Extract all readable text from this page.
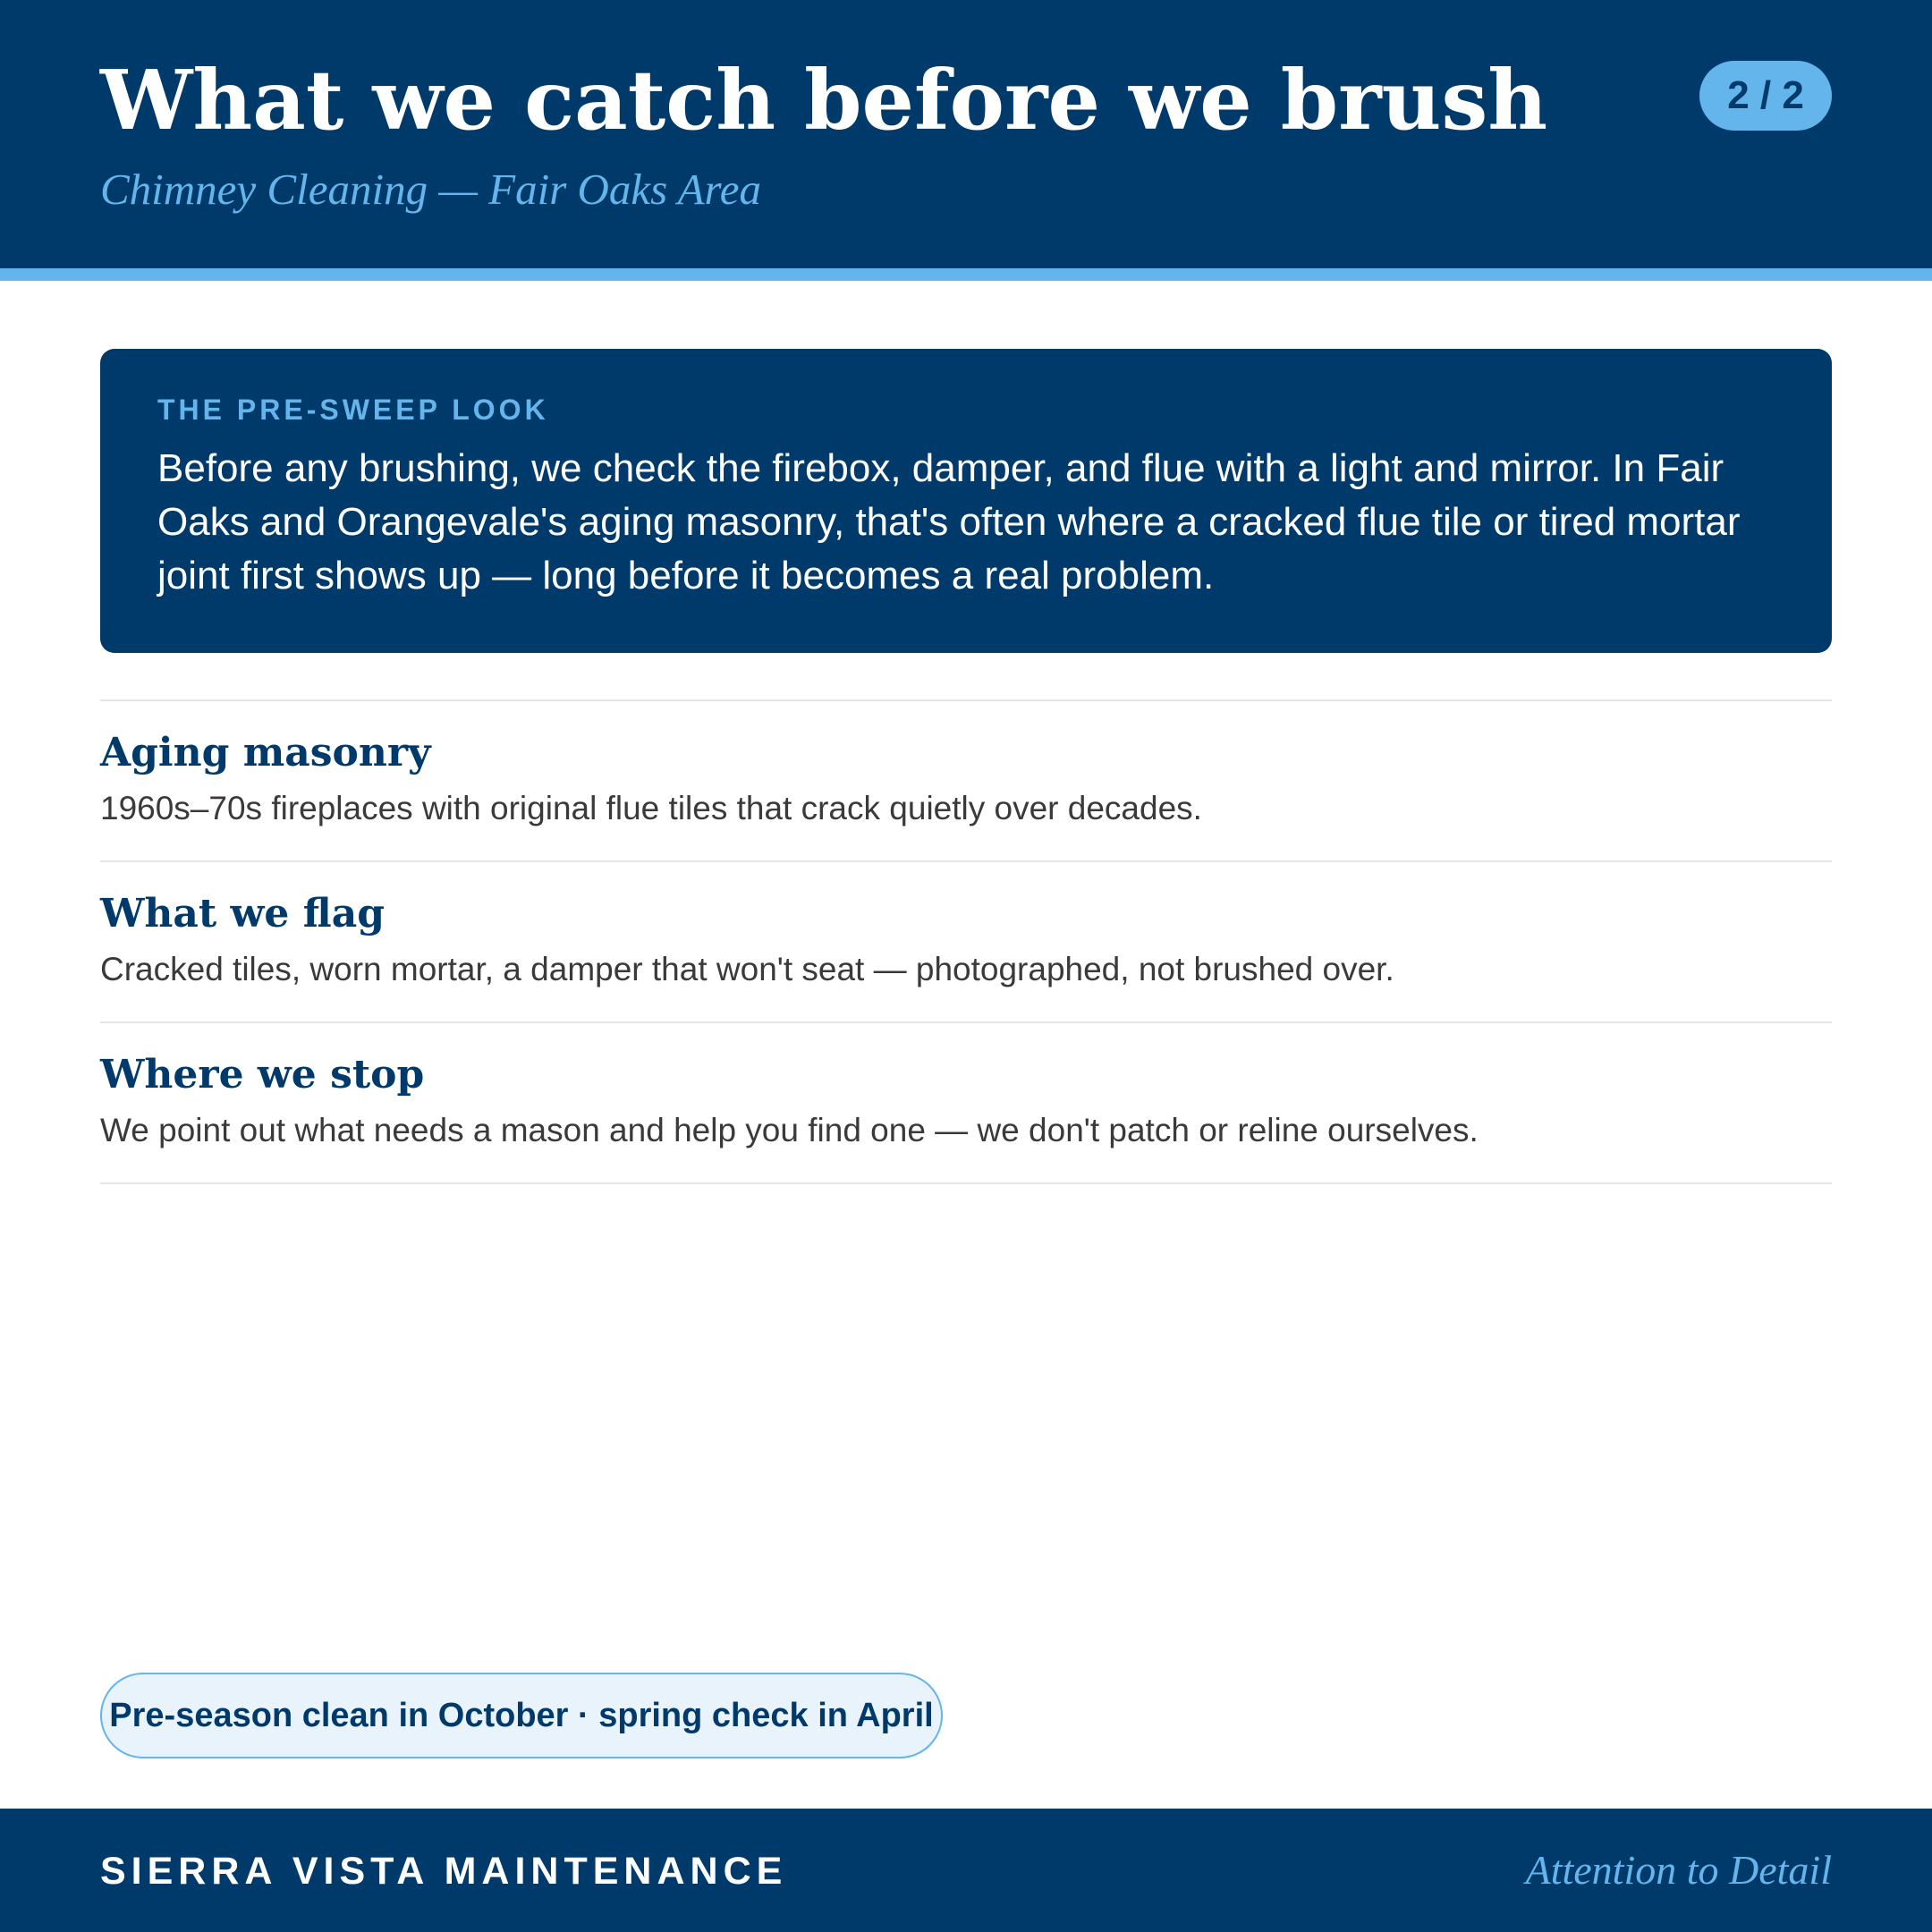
What we catch before we brush

Chimney Cleaning — Fair Oaks Area

2 / 2
THE PRE-SWEEP LOOK
Before any brushing, we check the firebox, damper, and flue with a light and mirror. In Fair Oaks and Orangevale's aging masonry, that's often where a cracked flue tile or tired mortar joint first shows up — long before it becomes a real problem.
Aging masonry

1960s–70s fireplaces with original flue tiles that crack quietly over decades.

What we flag

Cracked tiles, worn mortar, a damper that won't seat — photographed, not brushed over.

Where we stop

We point out what needs a mason and help you find one — we don't patch or reline ourselves.

Pre-season clean in October · spring check in April
SIERRA VISTA MAINTENANCE	Attention to Detail
